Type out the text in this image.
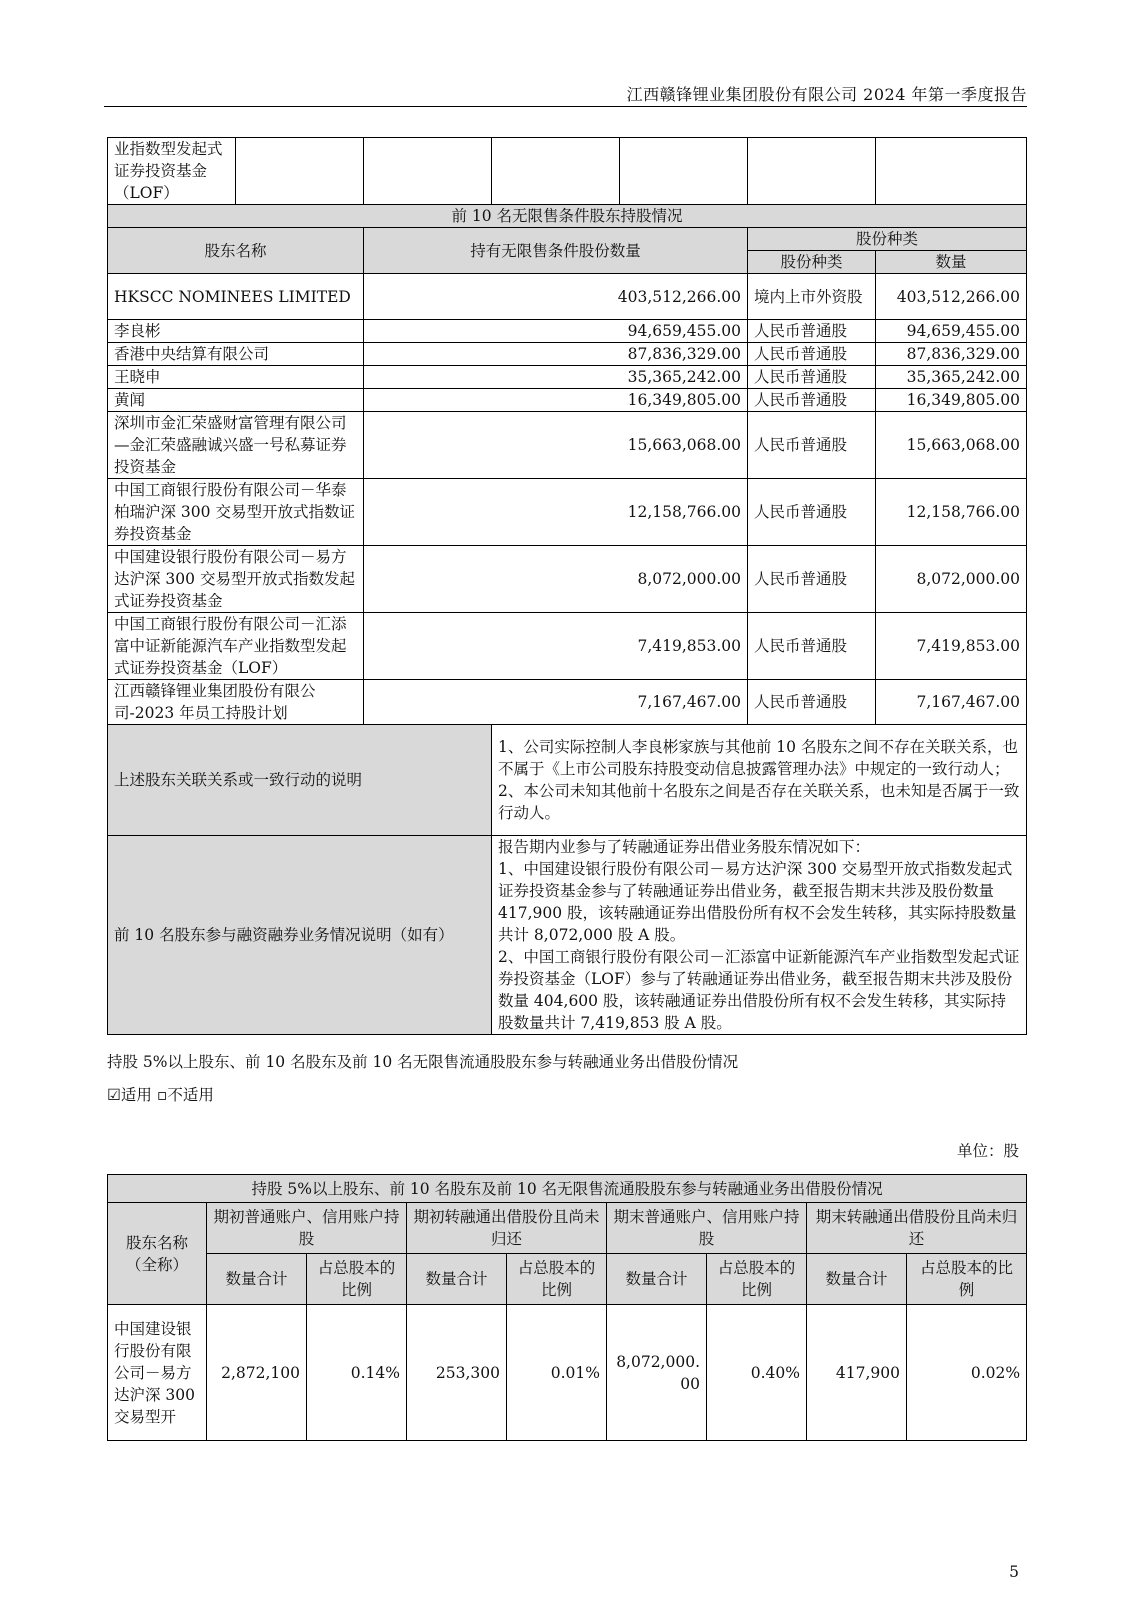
江西赣锋锂业集团股份有限公司 2024 年第一季度报告
业指数型发起式证券投资基金（LOF）						
前 10 名无限售条件股东持股情况						
股东名称		持有无限售条件股份数量			股份种类	
					股份种类	数量
HKSCC NOMINEES LIMITED		403,512,266.00			境内上市外资股	403,512,266.00
李良彬		94,659,455.00			人民币普通股	94,659,455.00
香港中央结算有限公司		87,836,329.00			人民币普通股	87,836,329.00
王晓申		35,365,242.00			人民币普通股	35,365,242.00
黄闻		16,349,805.00			人民币普通股	16,349,805.00
深圳市金汇荣盛财富管理有限公司—金汇荣盛融诚兴盛一号私募证券投资基金		15,663,068.00			人民币普通股	15,663,068.00
中国工商银行股份有限公司－华泰柏瑞沪深 300 交易型开放式指数证券投资基金		12,158,766.00			人民币普通股	12,158,766.00
中国建设银行股份有限公司－易方达沪深 300 交易型开放式指数发起式证券投资基金		8,072,000.00			人民币普通股	8,072,000.00
中国工商银行股份有限公司－汇添富中证新能源汽车产业指数型发起式证券投资基金（LOF）		7,419,853.00			人民币普通股	7,419,853.00
江西赣锋锂业集团股份有限公司-2023 年员工持股计划		7,167,467.00			人民币普通股	7,167,467.00
上述股东关联关系或一致行动的说明			1、公司实际控制人李良彬家族与其他前 10 名股东之间不存在关联关系，也不属于《上市公司股东持股变动信息披露管理办法》中规定的一致行动人；
2、本公司未知其他前十名股东之间是否存在关联关系，也未知是否属于一致行动人。			

前 10 名股东参与融资融券业务情况说明（如有）			报告期内业参与了转融通证券出借业务股东情况如下：
1、中国建设银行股份有限公司－易方达沪深 300 交易型开放式指数发起式证券投资基金参与了转融通证券出借业务，截至报告期末共涉及股份数量 417,900 股，该转融通证券出借股份所有权不会发生转移，其实际持股数量共计 8,072,000 股 A 股。
2、中国工商银行股份有限公司－汇添富中证新能源汽车产业指数型发起式证券投资基金（LOF）参与了转融通证券出借业务，截至报告期末共涉及股份数量 404,600 股，该转融通证券出借股份所有权不会发生转移，其实际持股数量共计 7,419,853 股 A 股。			
持股 5%以上股东、前 10 名股东及前 10 名无限售流通股股东参与转融通业务出借股份情况
☑适用 ▫不适用
单位：股
持股 5%以上股东、前 10 名股东及前 10 名无限售流通股股东参与转融通业务出借股份情况								
股东名称（全称）	期初普通账户、信用账户持股		期初转融通出借股份且尚未归还		期末普通账户、信用账户持股		期末转融通出借股份且尚未归还	
	数量合计	占总股本的比例	数量合计	占总股本的比例	数量合计	占总股本的比例	数量合计	占总股本的比例
中国建设银行股份有限公司－易方达沪深 300 交易型开	2,872,100	0.14%	253,300	0.01%	8,072,000.00	0.40%	417,900	0.02%
5
